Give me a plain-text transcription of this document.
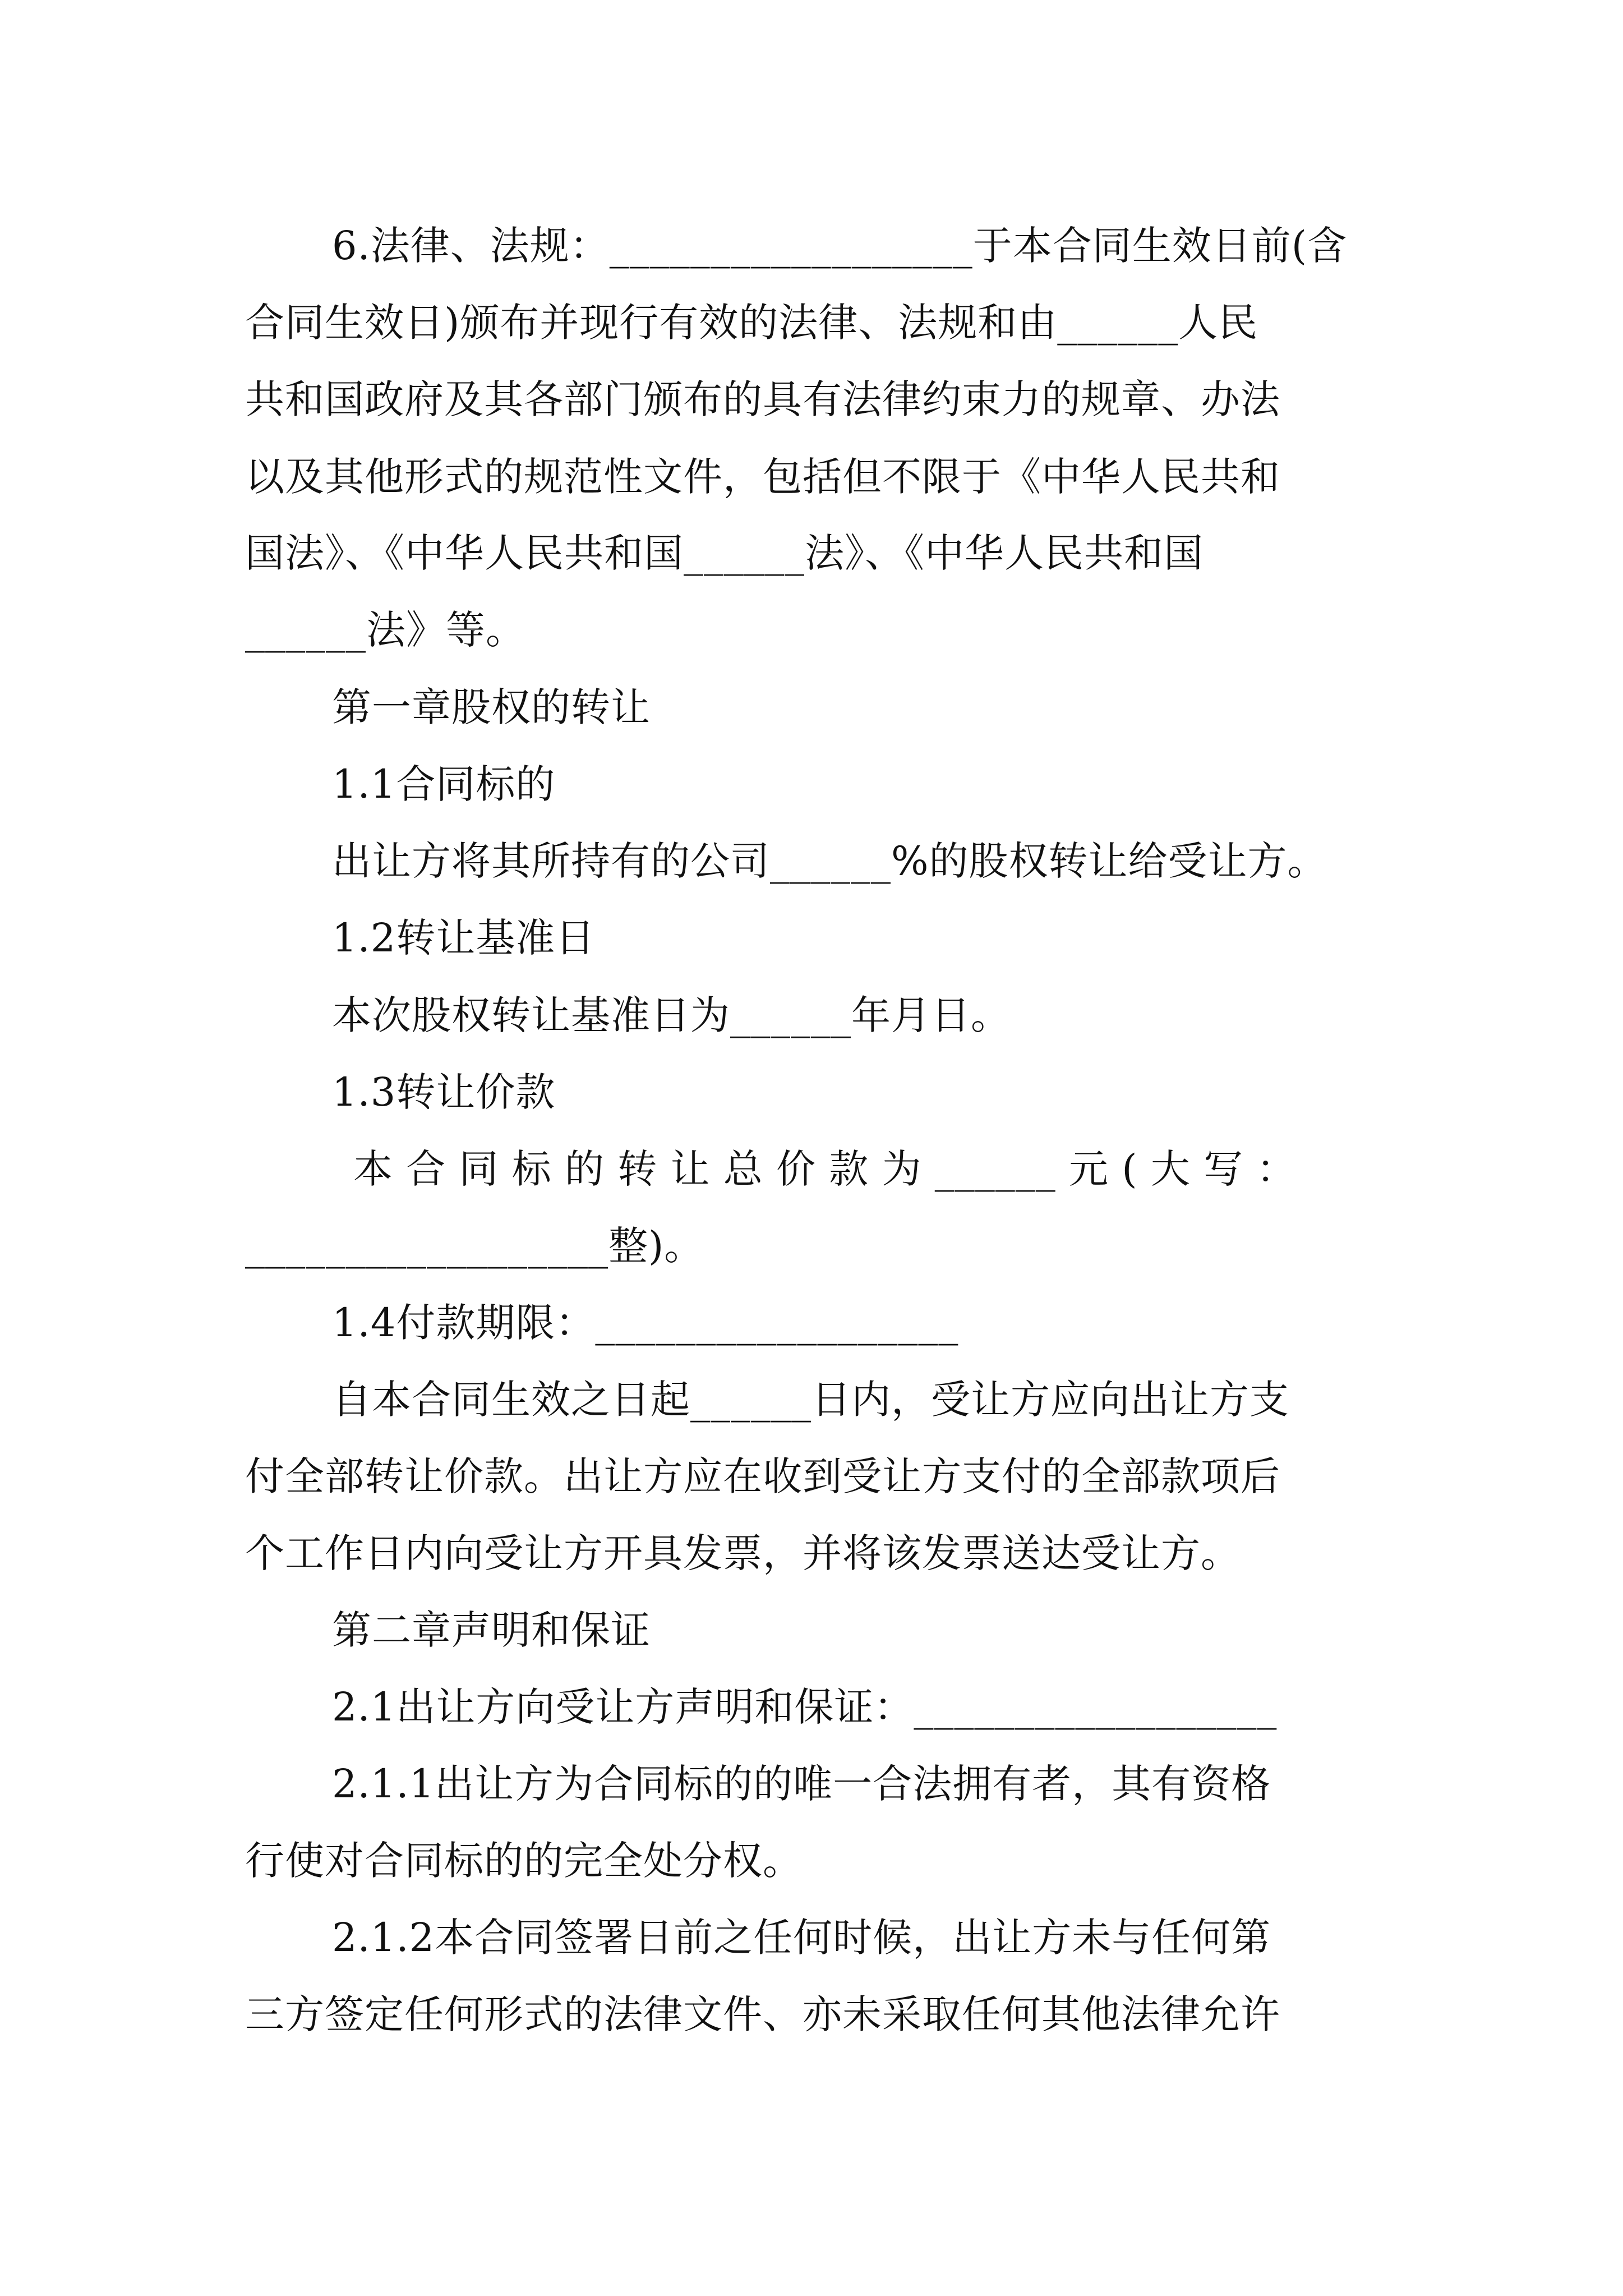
6.法律、法规：__________________于本合同生效日前(含
合同生效日)颁布并现行有效的法律、法规和由______人民
共和国政府及其各部门颁布的具有法律约束力的规章、办法
以及其他形式的规范性文件，包括但不限于《中华人民共和
国法》、《中华人民共和国______法》、《中华人民共和国
______法》等。
第一章股权的转让
1.1合同标的
出让方将其所持有的公司______%的股权转让给受让方。
1.2转让基准日
本次股权转让基准日为______年月日。
1.3转让价款
本 合 同 标 的 转 让 总 价 款 为 ______ 元 ( 大 写 ：
__________________整)。
1.4付款期限：__________________
自本合同生效之日起______日内，受让方应向出让方支
付全部转让价款。出让方应在收到受让方支付的全部款项后
个工作日内向受让方开具发票，并将该发票送达受让方。
第二章声明和保证
2.1出让方向受让方声明和保证：__________________
2.1.1出让方为合同标的的唯一合法拥有者，其有资格
行使对合同标的的完全处分权。
2.1.2本合同签署日前之任何时候，出让方未与任何第
三方签定任何形式的法律文件、亦未采取任何其他法律允许
